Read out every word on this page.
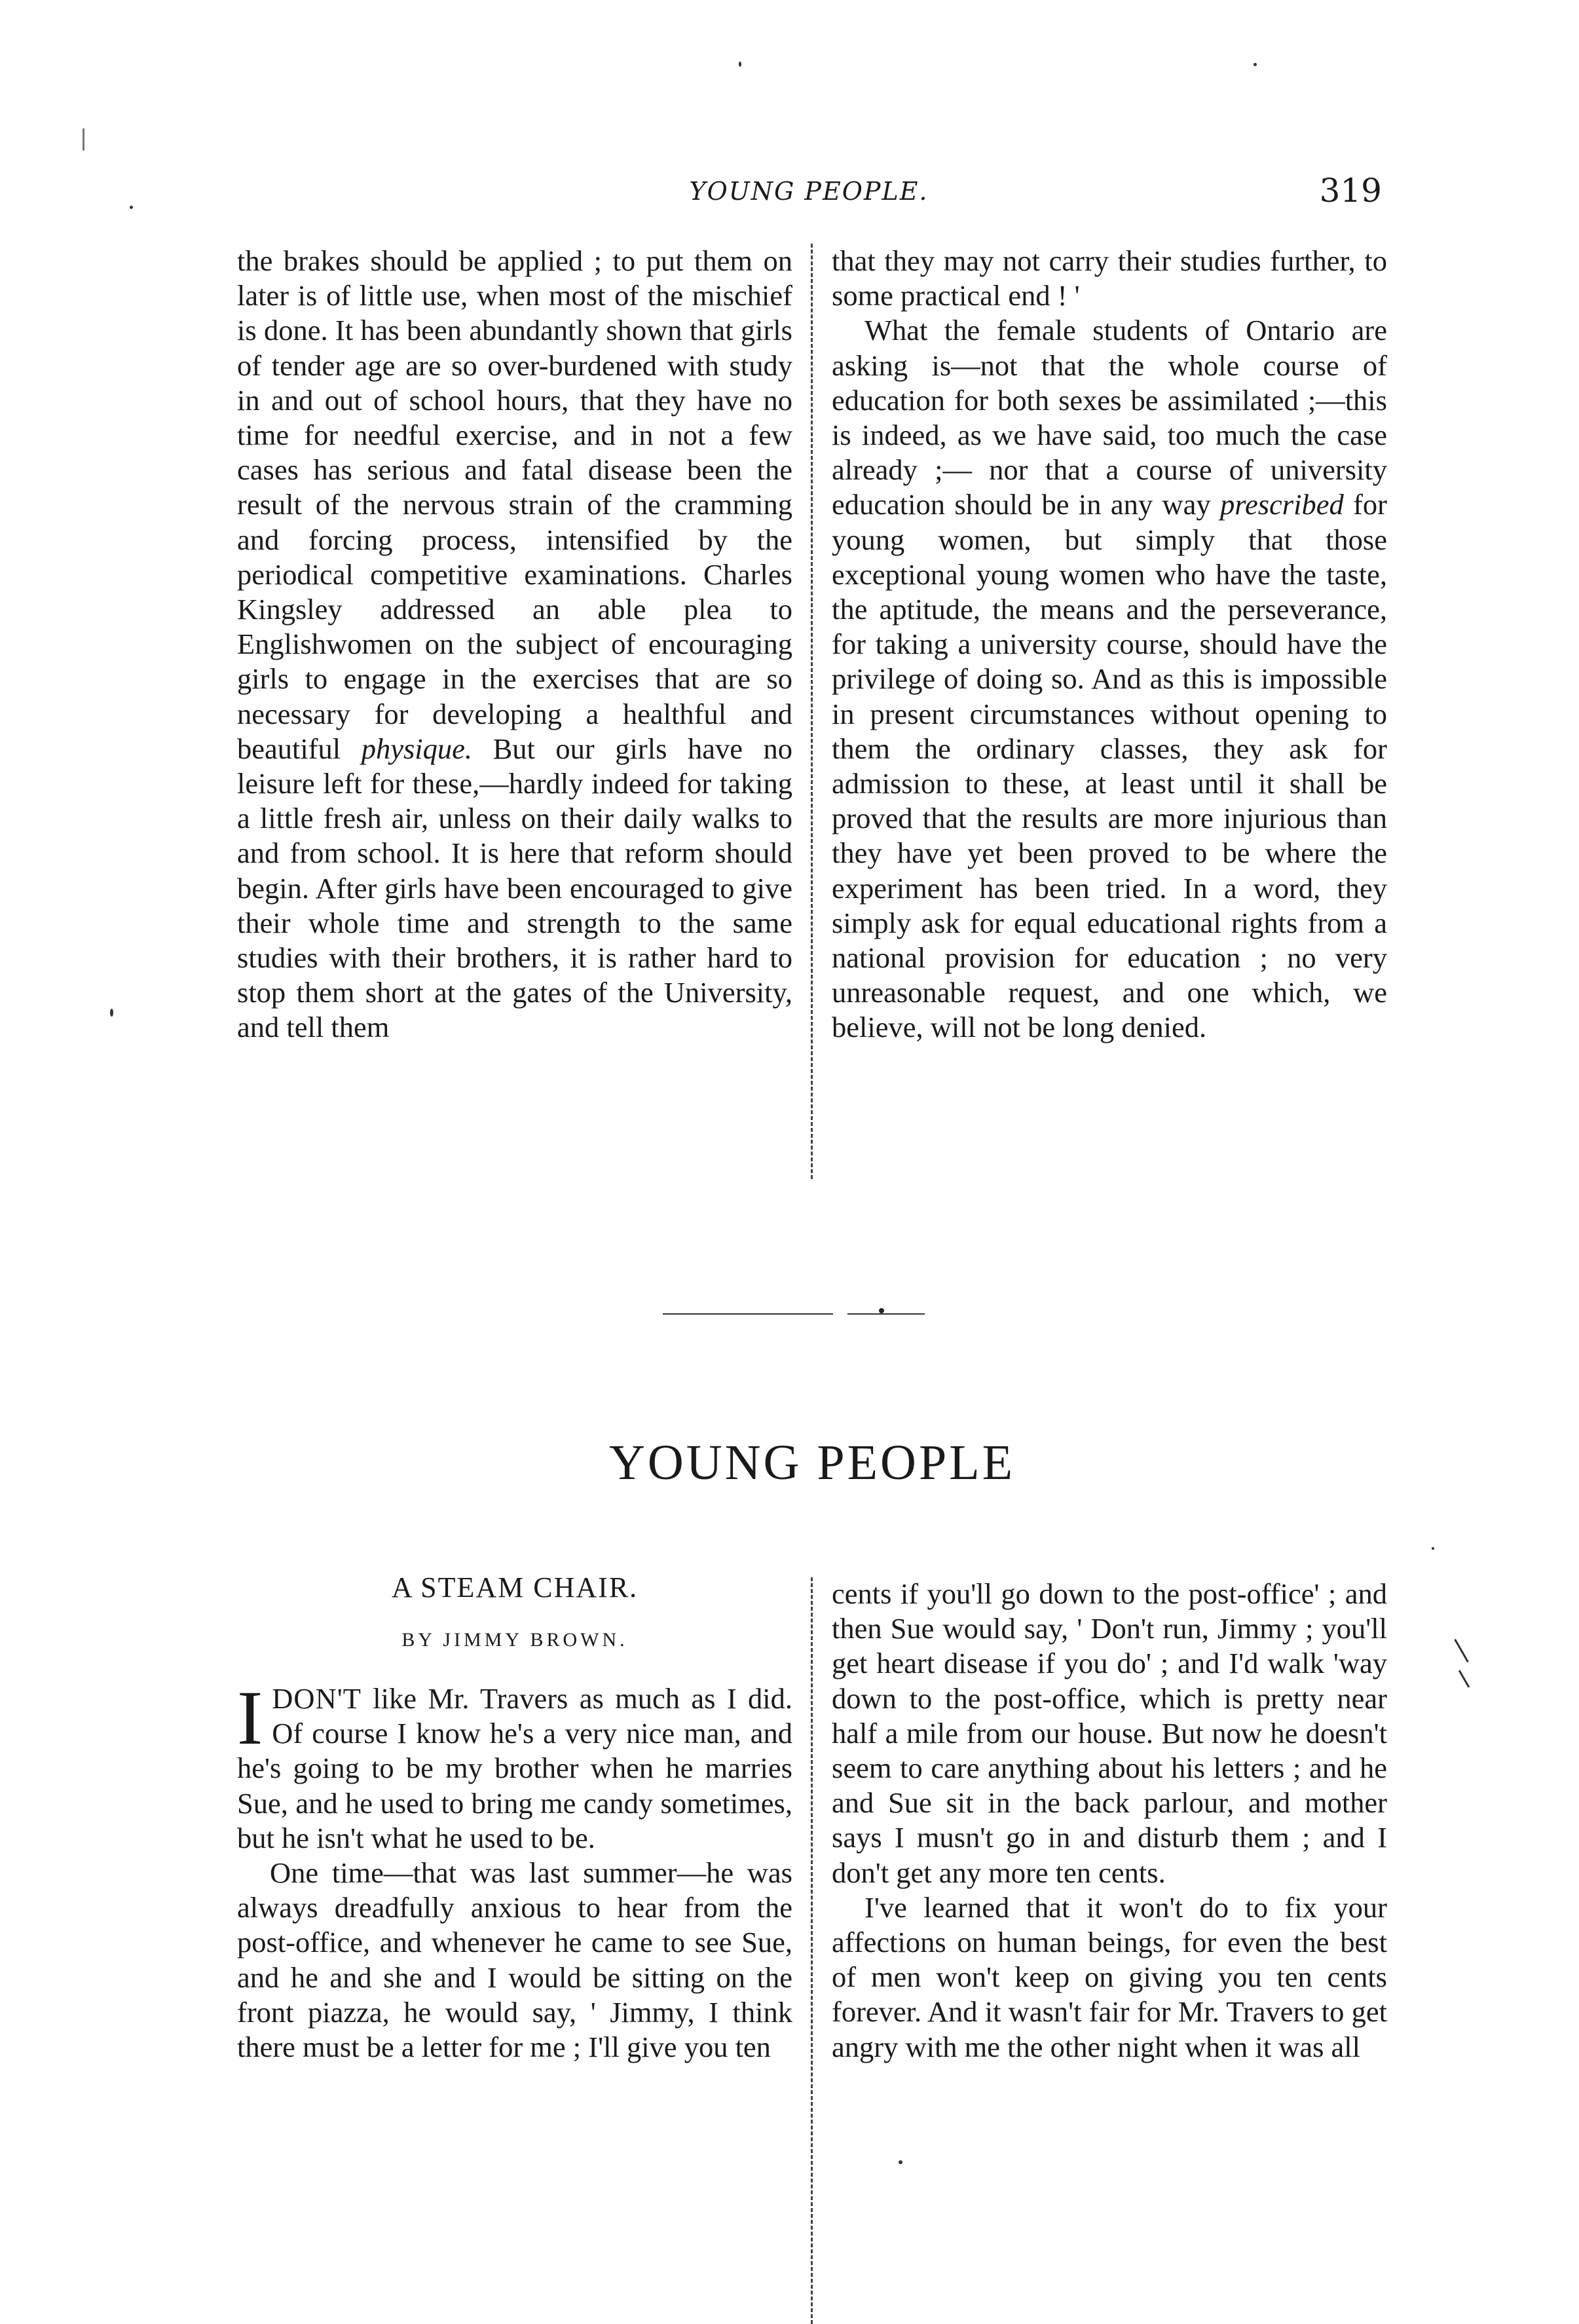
YOUNG PEOPLE.	319

the brakes should be applied ; to put them on later is of little use, when most of the mischief is done. It has been abundantly shown that girls of tender age are so over-burdened with study in and out of school hours, that they have no time for needful exercise, and in not a few cases has serious and fatal disease been the result of the nervous strain of the cramming and forcing process, intensified by the periodical competitive examinations. Charles Kingsley addressed an able plea to Englishwomen on the subject of encouraging girls to engage in the exercises that are so necessary for developing a healthful and beautiful physique. But our girls have no leisure left for these,—hardly indeed for taking a little fresh air, unless on their daily walks to and from school. It is here that reform should begin. After girls have been encouraged to give their whole time and strength to the same studies with their brothers, it is rather hard to stop them short at the gates of the University, and tell them

that they may not carry their studies further, to some practical end ! '

What the female students of Ontario are asking is—not that the whole course of education for both sexes be assimilated ;—this is indeed, as we have said, too much the case already ;— nor that a course of university education should be in any way prescribed for young women, but simply that those exceptional young women who have the taste, the aptitude, the means and the perseverance, for taking a university course, should have the privilege of doing so. And as this is impossible in present circumstances without opening to them the ordinary classes, they ask for admission to these, at least until it shall be proved that the results are more injurious than they have yet been proved to be where the experiment has been tried. In a word, they simply ask for equal educational rights from a national provision for education ; no very unreasonable request, and one which, we believe, will not be long denied.

YOUNG PEOPLE
A STEAM CHAIR.
BY JIMMY BROWN.

IDON'T like Mr. Travers as much as I did. Of course I know he's a very nice man, and he's going to be my brother when he marries Sue, and he used to bring me candy sometimes, but he isn't what he used to be.

One time—that was last summer—he was always dreadfully anxious to hear from the post-office, and whenever he came to see Sue, and he and she and I would be sitting on the front piazza, he would say, ' Jimmy, I think there must be a letter for me ; I'll give you ten

cents if you'll go down to the post-office' ; and then Sue would say, ' Don't run, Jimmy ; you'll get heart disease if you do' ; and I'd walk 'way down to the post-office, which is pretty near half a mile from our house. But now he doesn't seem to care anything about his letters ; and he and Sue sit in the back parlour, and mother says I musn't go in and disturb them ; and I don't get any more ten cents.

I've learned that it won't do to fix your affections on human beings, for even the best of men won't keep on giving you ten cents forever. And it wasn't fair for Mr. Travers to get angry with me the other night when it was all
